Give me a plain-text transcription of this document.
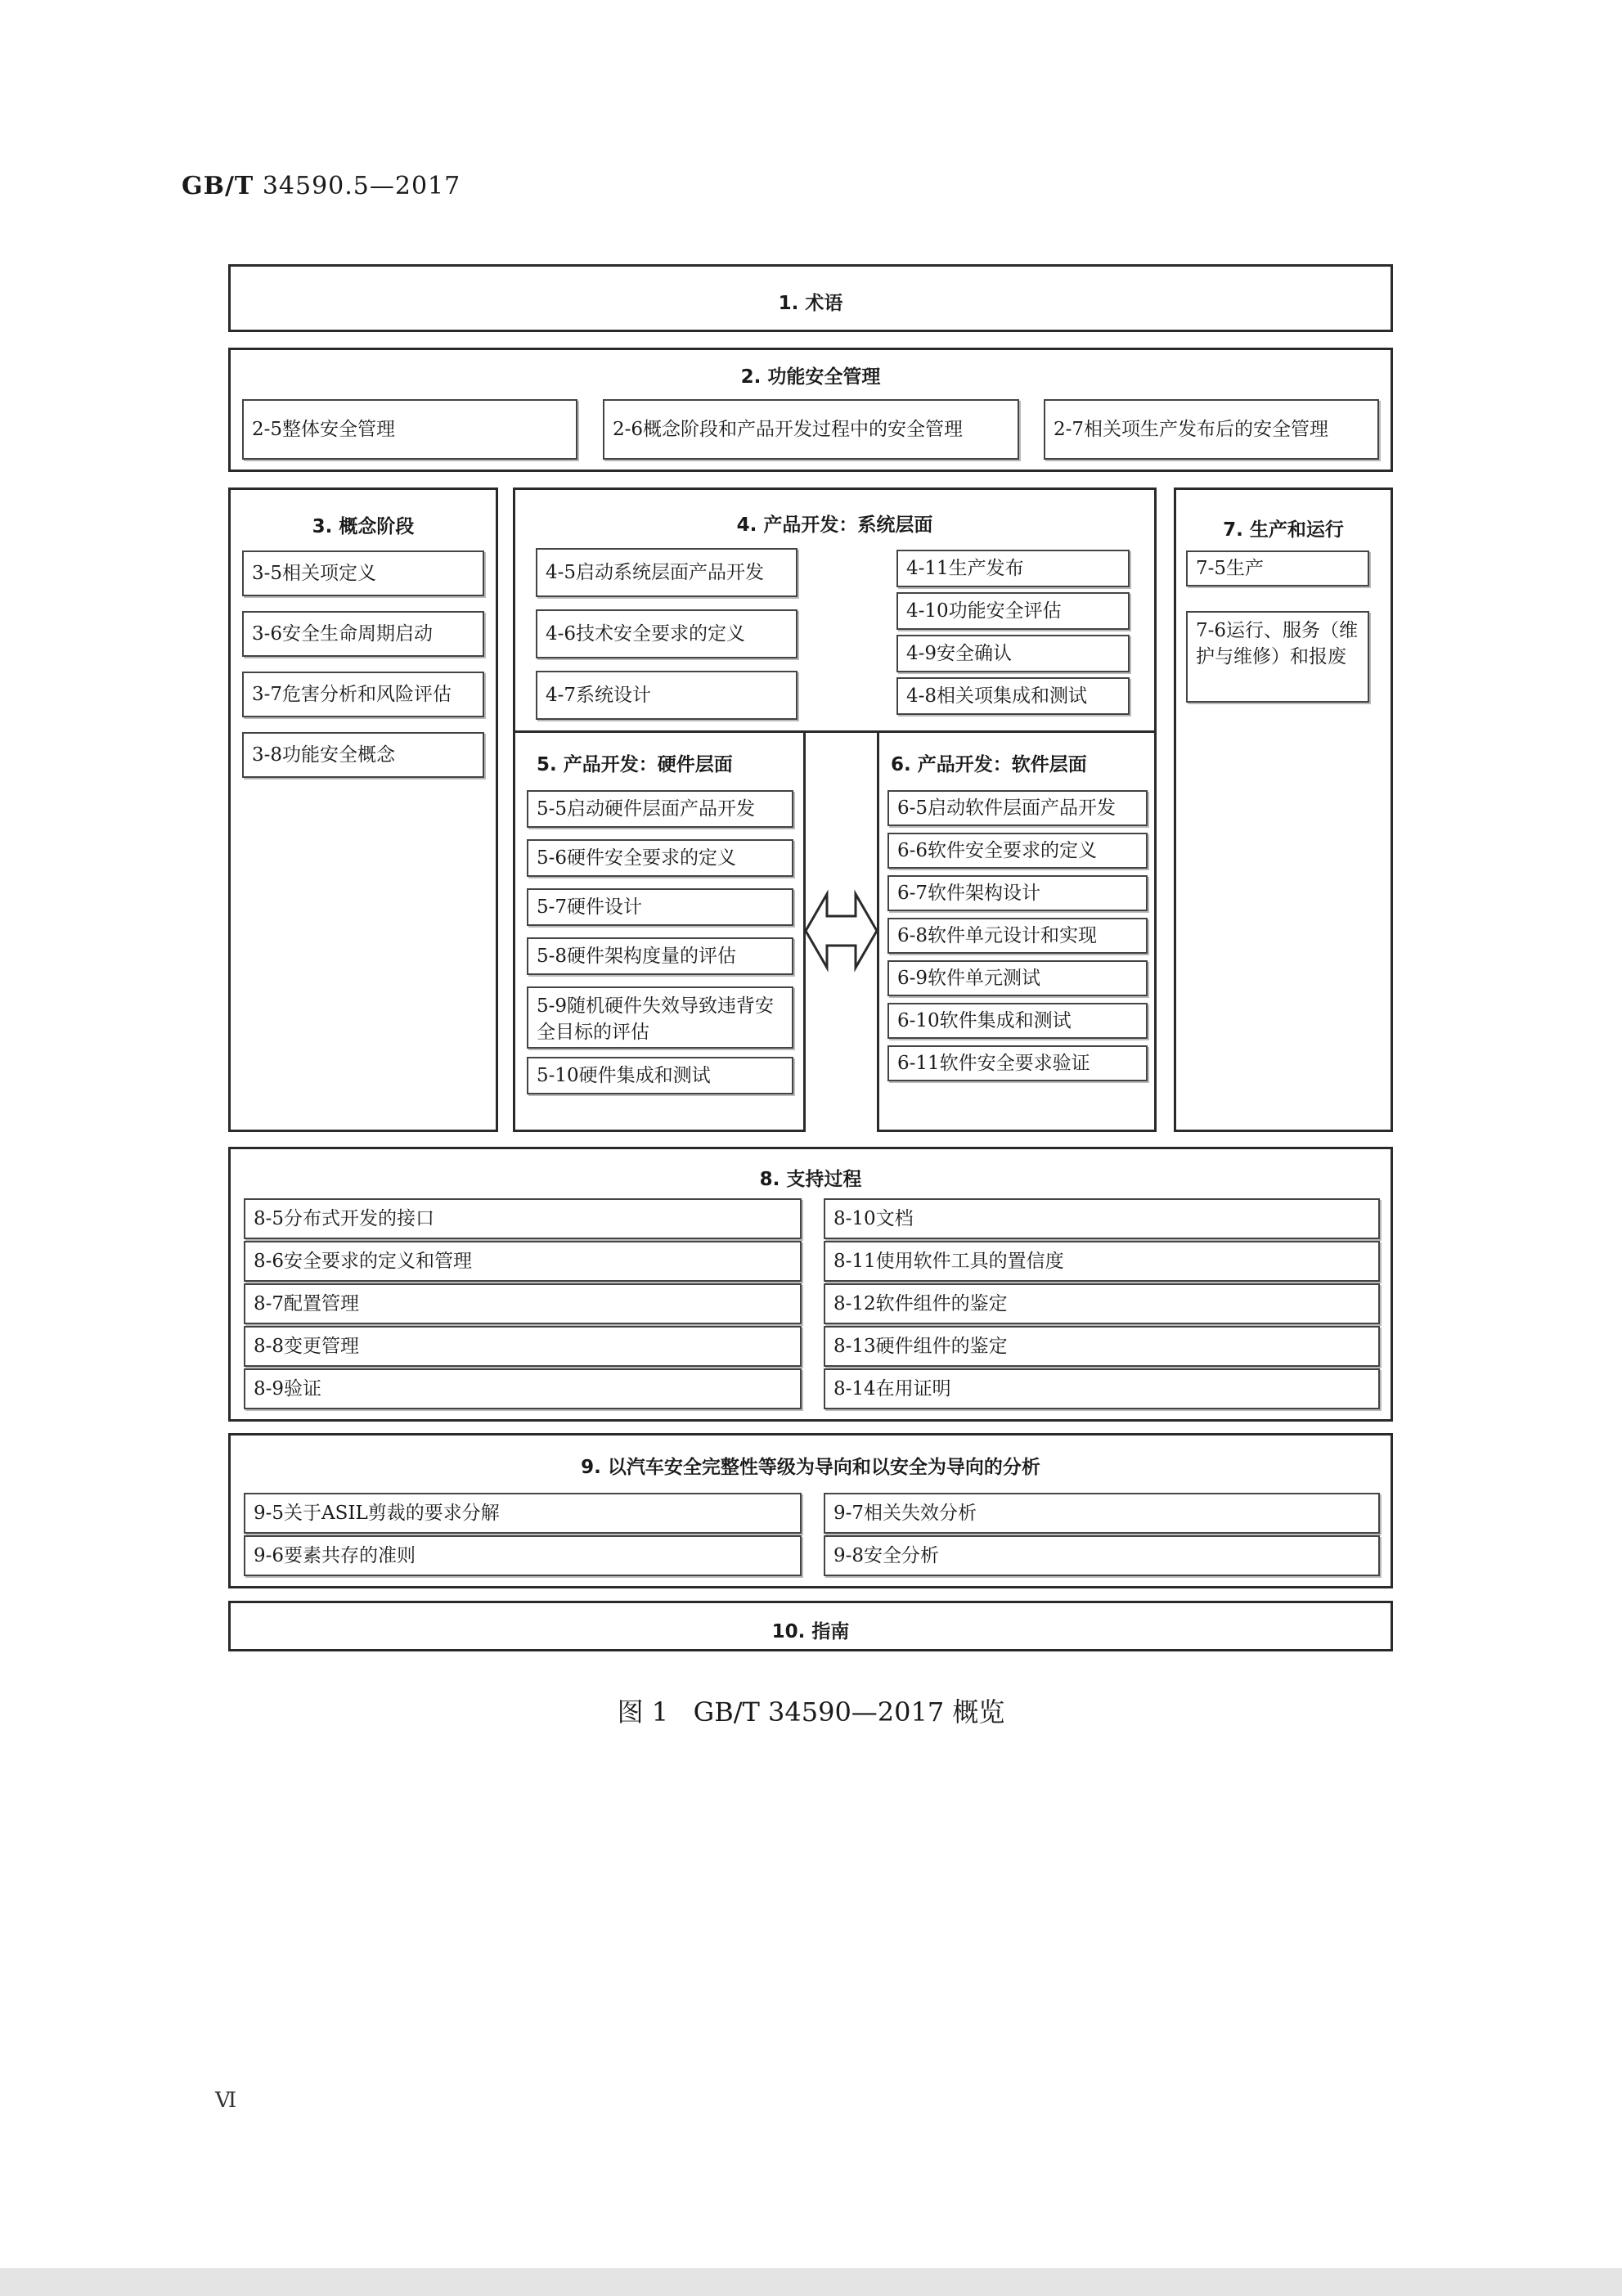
GB/T 34590.5—2017
1. 术语
2. 功能安全管理
2-5整体安全管理	2-6概念阶段和产品开发过程中的安全管理	2-7相关项生产发布后的安全管理
3. 概念阶段
3-5相关项定义
3-6安全生命周期启动
3-7危害分析和风险评估
3-8功能安全概念
4. 产品开发：系统层面
4-5启动系统层面产品开发
4-6技术安全要求的定义
4-7系统设计
4-11生产发布
4-10功能安全评估
4-9安全确认
4-8相关项集成和测试
5. 产品开发：硬件层面
5-5启动硬件层面产品开发
5-6硬件安全要求的定义
5-7硬件设计
5-8硬件架构度量的评估
5-9随机硬件失效导致违背安全目标的评估
5-10硬件集成和测试
6. 产品开发：软件层面
6-5启动软件层面产品开发
6-6软件安全要求的定义
6-7软件架构设计
6-8软件单元设计和实现
6-9软件单元测试
6-10软件集成和测试
6-11软件安全要求验证
7. 生产和运行
7-5生产
7-6运行、服务（维护与维修）和报废
8. 支持过程
8-5分布式开发的接口
8-6安全要求的定义和管理
8-7配置管理
8-8变更管理
8-9验证
8-10文档
8-11使用软件工具的置信度
8-12软件组件的鉴定
8-13硬件组件的鉴定
8-14在用证明
9. 以汽车安全完整性等级为导向和以安全为导向的分析
9-5关于ASIL剪裁的要求分解
9-6要素共存的准则
9-7相关失效分析
9-8安全分析
10. 指南
图 1 GB/T 34590—2017 概览
Ⅵ
